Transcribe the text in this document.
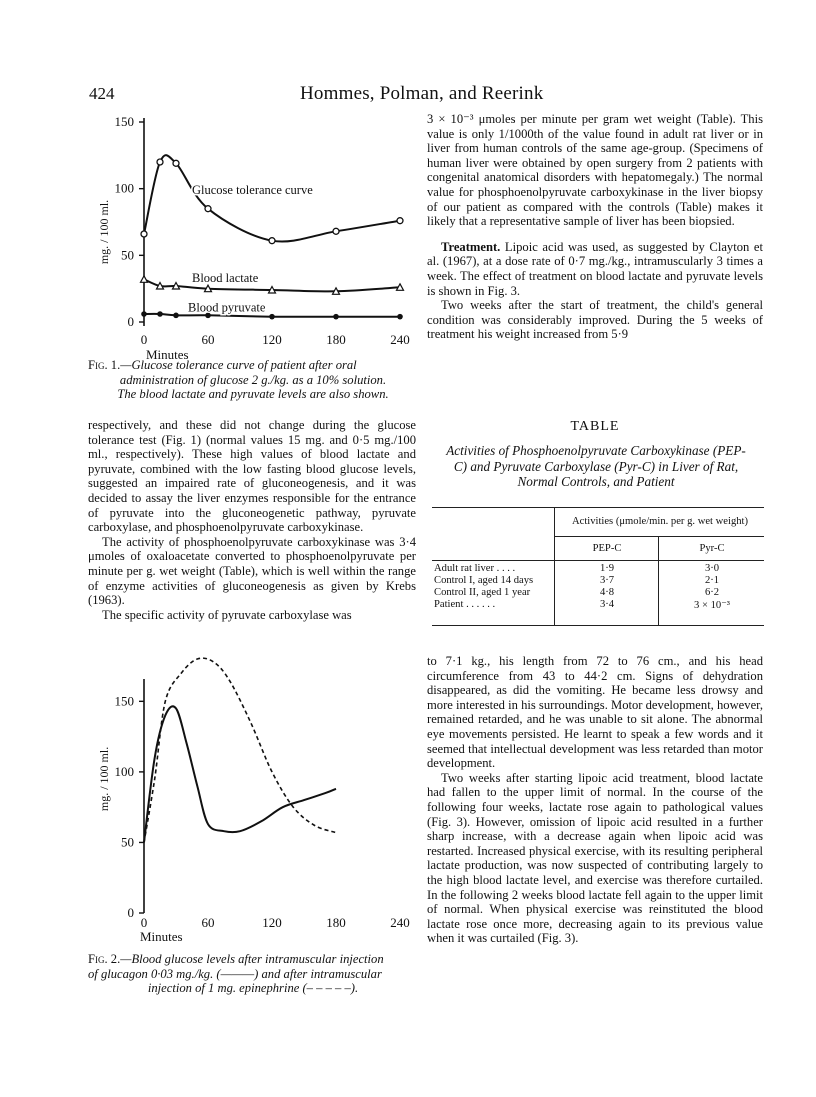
424	Hommes, Polman, and Reerink
0
50
100
150
0	60	120	180	240
Minutes
mg. / 100 ml.
Glucose tolerance curve
Blood lactate
Blood pyruvate
Fig. 1.—Glucose tolerance curve of patient after oral
administration of glucose 2 g./kg. as a 10% solution.
The blood lactate and pyruvate levels are also shown.

respectively, and these did not change during the glucose tolerance test (Fig. 1) (normal values 15 mg. and 0·5 mg./100 ml., respectively). These high values of blood lactate and pyruvate, combined with the low fasting blood glucose levels, suggested an impaired rate of gluconeogenesis, and it was decided to assay the liver enzymes responsible for the entrance of pyruvate into the gluconeogenetic pathway, pyruvate carboxylase, and phosphoenolpyruvate carboxykinase.

The activity of phosphoenolpyruvate carboxykinase was 3·4 μmoles of oxaloacetate converted to phosphoenolpyruvate per minute per g. wet weight (Table), which is well within the range of enzyme activities of gluconeogenesis as given by Krebs (1963).

The specific activity of pyruvate carboxylase was

0
50
100
150
0	60	120	180	240
Minutes
mg. / 100 ml.
Fig. 2.—Blood glucose levels after intramuscular injection
of glucagon 0·03 mg./kg. (———) and after intramuscular
injection of 1 mg. epinephrine (– – – – –).

3 × 10⁻³ μmoles per minute per gram wet weight (Table). This value is only 1/1000th of the value found in adult rat liver or in liver from human controls of the same age-group. (Specimens of human liver were obtained by open surgery from 2 patients with congenital anatomical disorders with hepatomegaly.) The normal value for phosphoenolpyruvate carboxykinase in the liver biopsy of our patient as compared with the controls (Table) makes it likely that a representative sample of liver has been biopsied.

Treatment. Lipoic acid was used, as suggested by Clayton et al. (1967), at a dose rate of 0·7 mg./kg., intramuscularly 3 times a week. The effect of treatment on blood lactate and pyruvate levels is shown in Fig. 3.

Two weeks after the start of treatment, the child's general condition was considerably improved. During the 5 weeks of treatment his weight increased from 5·9

TABLE
Activities of Phosphoenolpyruvate Carboxykinase (PEP-C) and Pyruvate Carboxylase (Pyr-C) in Liver of Rat, Normal Controls, and Patient
Activities (μmole/min. per g. wet weight)
PEP-C	Pyr-C
Adult rat liver . . . .	1·9	3·0
Control I, aged 14 days	3·7	2·1
Control II, aged 1 year	4·8	6·2
Patient . . . . . .	3·4	3 × 10⁻³

to 7·1 kg., his length from 72 to 76 cm., and his head circumference from 43 to 44·2 cm. Signs of dehydration disappeared, as did the vomiting. He became less drowsy and more interested in his surroundings. Motor development, however, remained retarded, and he was unable to sit alone. The abnormal eye movements persisted. He learnt to speak a few words and it seemed that intellectual development was less retarded than motor development.

Two weeks after starting lipoic acid treatment, blood lactate had fallen to the upper limit of normal. In the course of the following four weeks, lactate rose again to pathological values (Fig. 3). However, omission of lipoic acid resulted in a further sharp increase, with a decrease again when lipoic acid was restarted. Increased physical exercise, with its resulting peripheral lactate production, was now suspected of contributing largely to the high blood lactate level, and exercise was therefore curtailed. In the following 2 weeks blood lactate fell again to the upper limit of normal. When physical exercise was reinstituted the blood lactate rose once more, decreasing again to its previous value when it was curtailed (Fig. 3).
